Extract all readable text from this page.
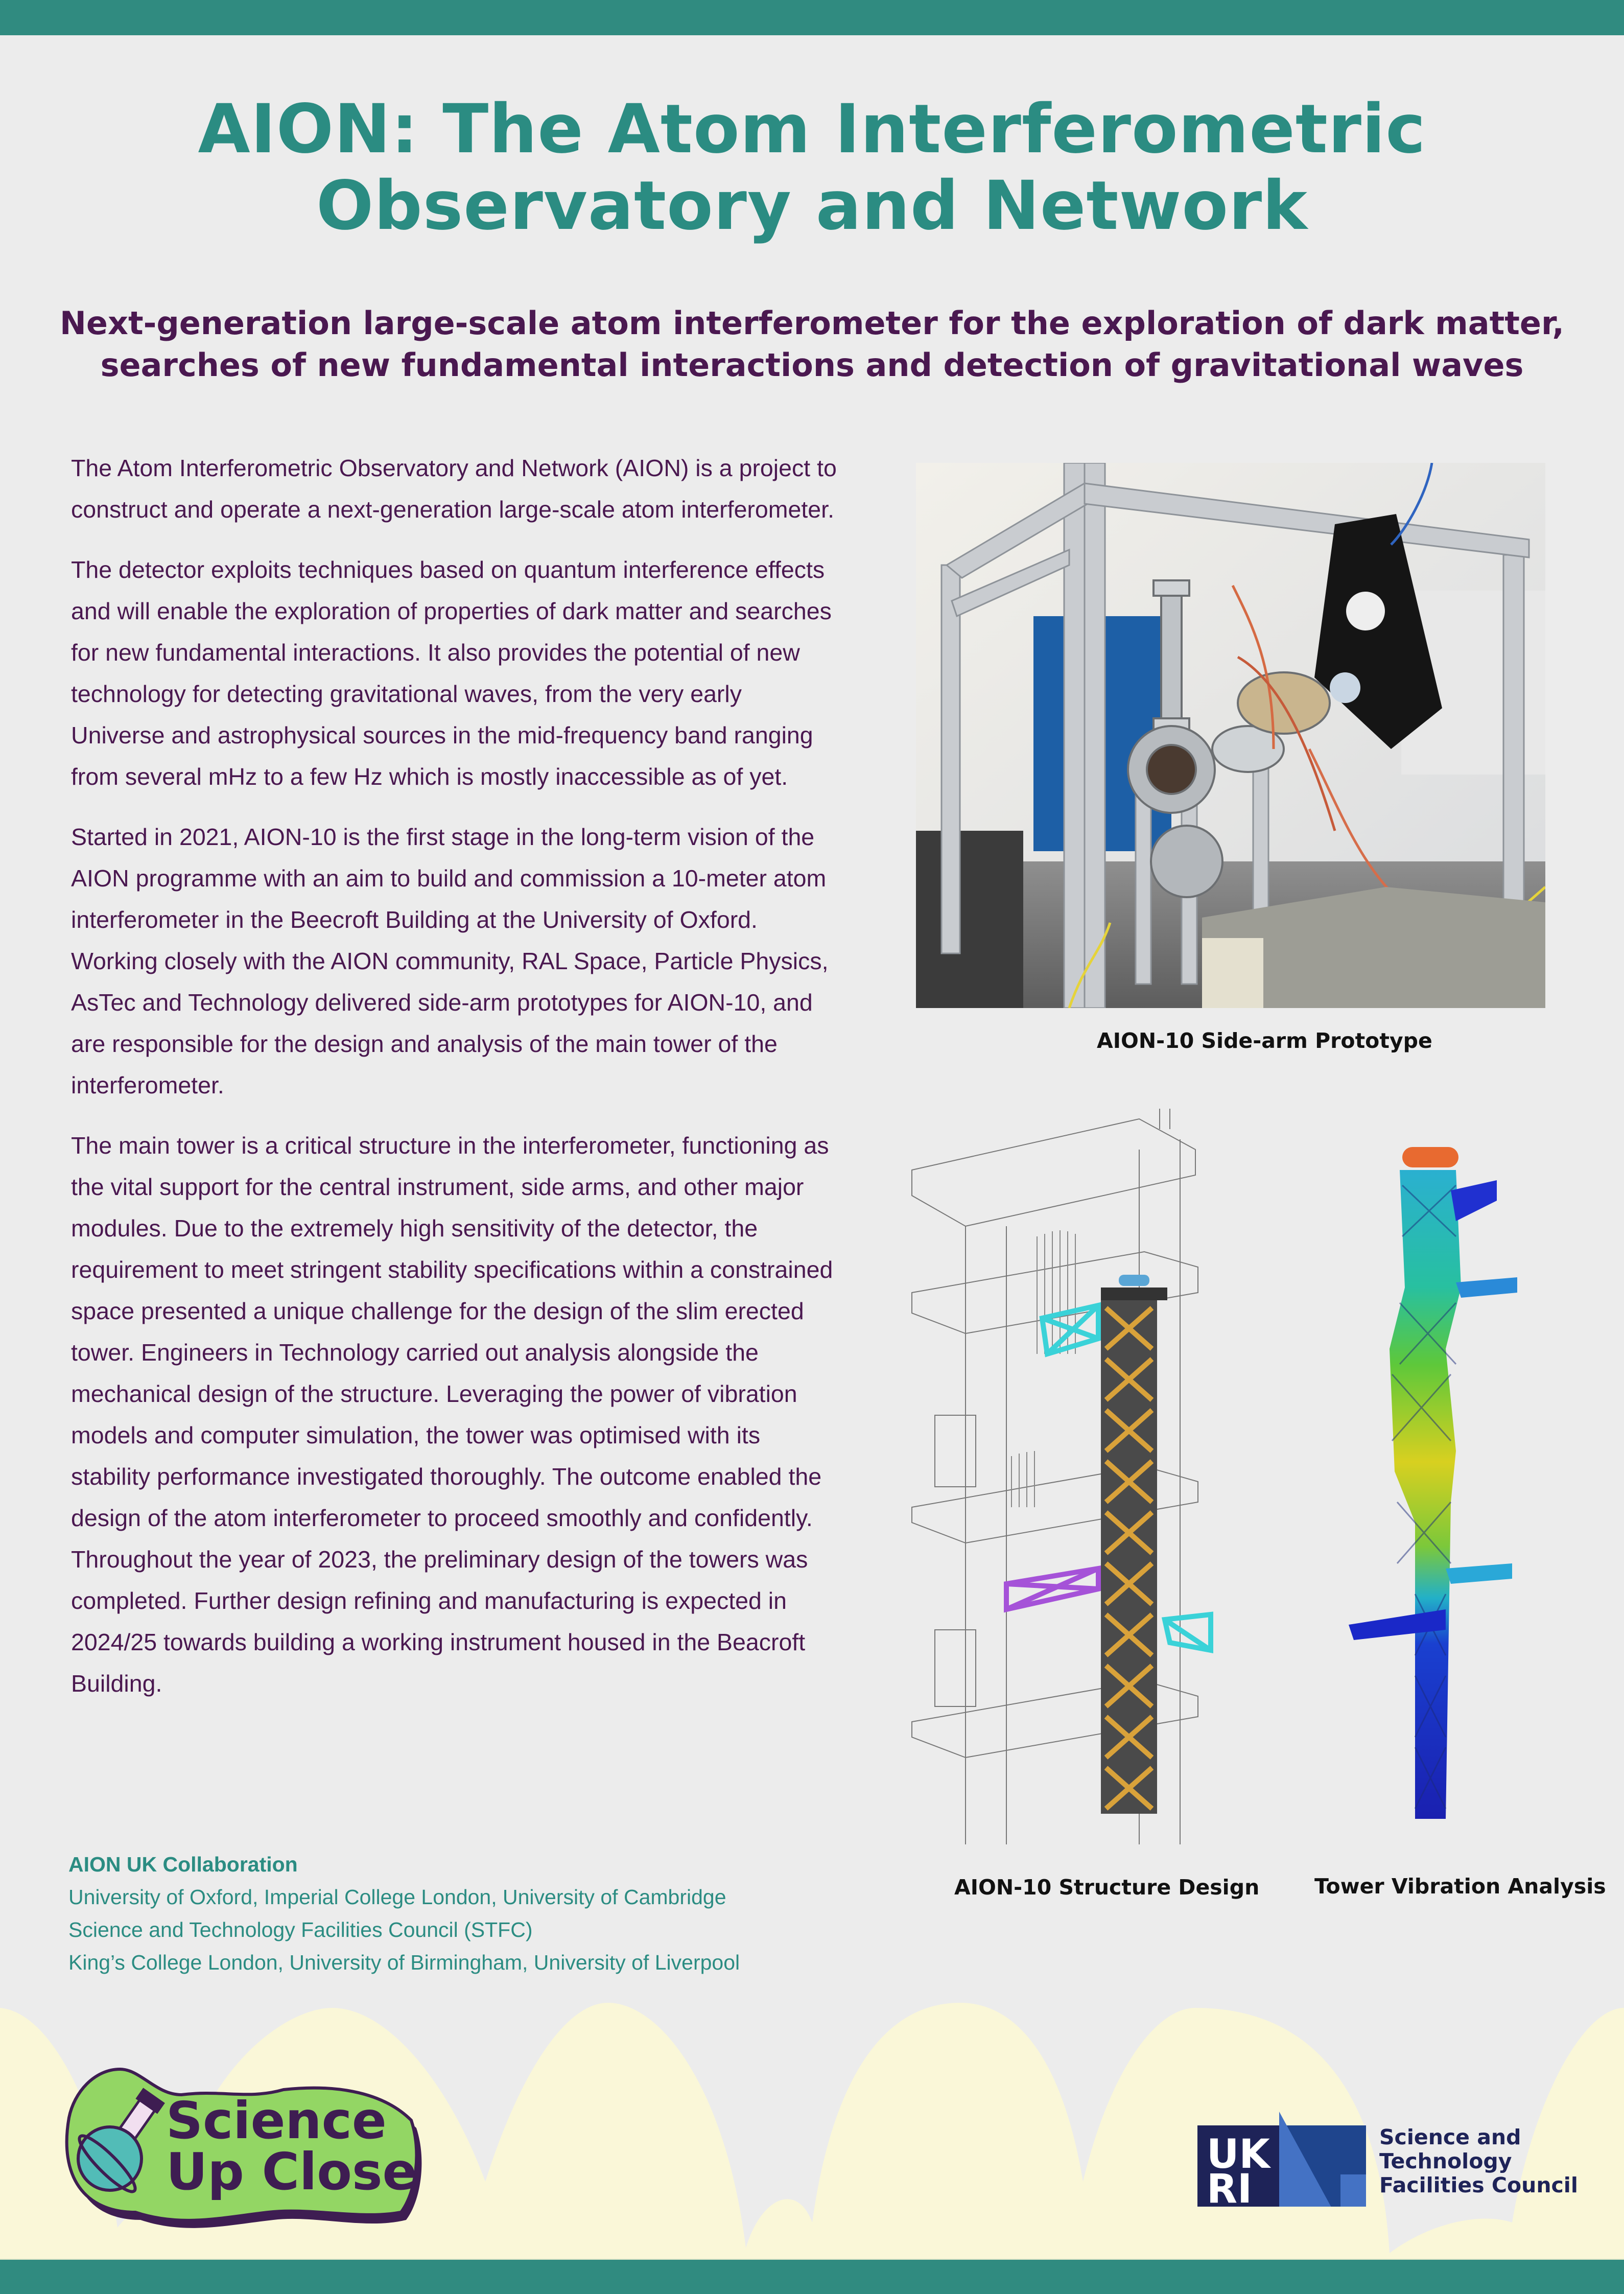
AION: The Atom Interferometric
Observatory and Network
Next-generation large-scale atom interferometer for the exploration of dark matter,
searches of new fundamental interactions and detection of gravitational waves

The Atom Interferometric Observatory and Network (AION) is a project to construct and operate a next-generation large-scale atom interferometer.

The detector exploits techniques based on quantum interference effects and will enable the exploration of properties of dark matter and searches for new fundamental interactions. It also provides the potential of new technology for detecting gravitational waves, from the very early Universe and astrophysical sources in the mid-frequency band ranging from several mHz to a few Hz which is mostly inaccessible as of yet.

Started in 2021, AION-10 is the first stage in the long-term vision of the AION programme with an aim to build and commission a 10-meter atom interferometer in the Beecroft Building at the University of Oxford. Working closely with the AION community, RAL Space, Particle Physics, AsTec and Technology delivered side-arm prototypes for AION-10, and are responsible for the design and analysis of the main tower of the interferometer.

The main tower is a critical structure in the interferometer, functioning as the vital support for the central instrument, side arms, and other major modules. Due to the extremely high sensitivity of the detector, the requirement to meet stringent stability specifications within a constrained space presented a unique challenge for the design of the slim erected tower. Engineers in Technology carried out analysis alongside the mechanical design of the structure. Leveraging the power of vibration models and computer simulation, the tower was optimised with its stability performance investigated thoroughly. The outcome enabled the design of the atom interferometer to proceed smoothly and confidently. Throughout the year of 2023, the preliminary design of the towers was completed. Further design refining and manufacturing is expected in 2024/25 towards building a working instrument housed in the Beacroft Building.

AION UK Collaboration
University of Oxford, Imperial College London, University of Cambridge
Science and Technology Facilities Council (STFC)
King’s College London, University of Birmingham, University of Liverpool
AION-10 Side-arm Prototype
AION-10 Structure Design	Tower Vibration Analysis
Science
Up Close	UK
RI
Science and
Technology
Facilities Council
